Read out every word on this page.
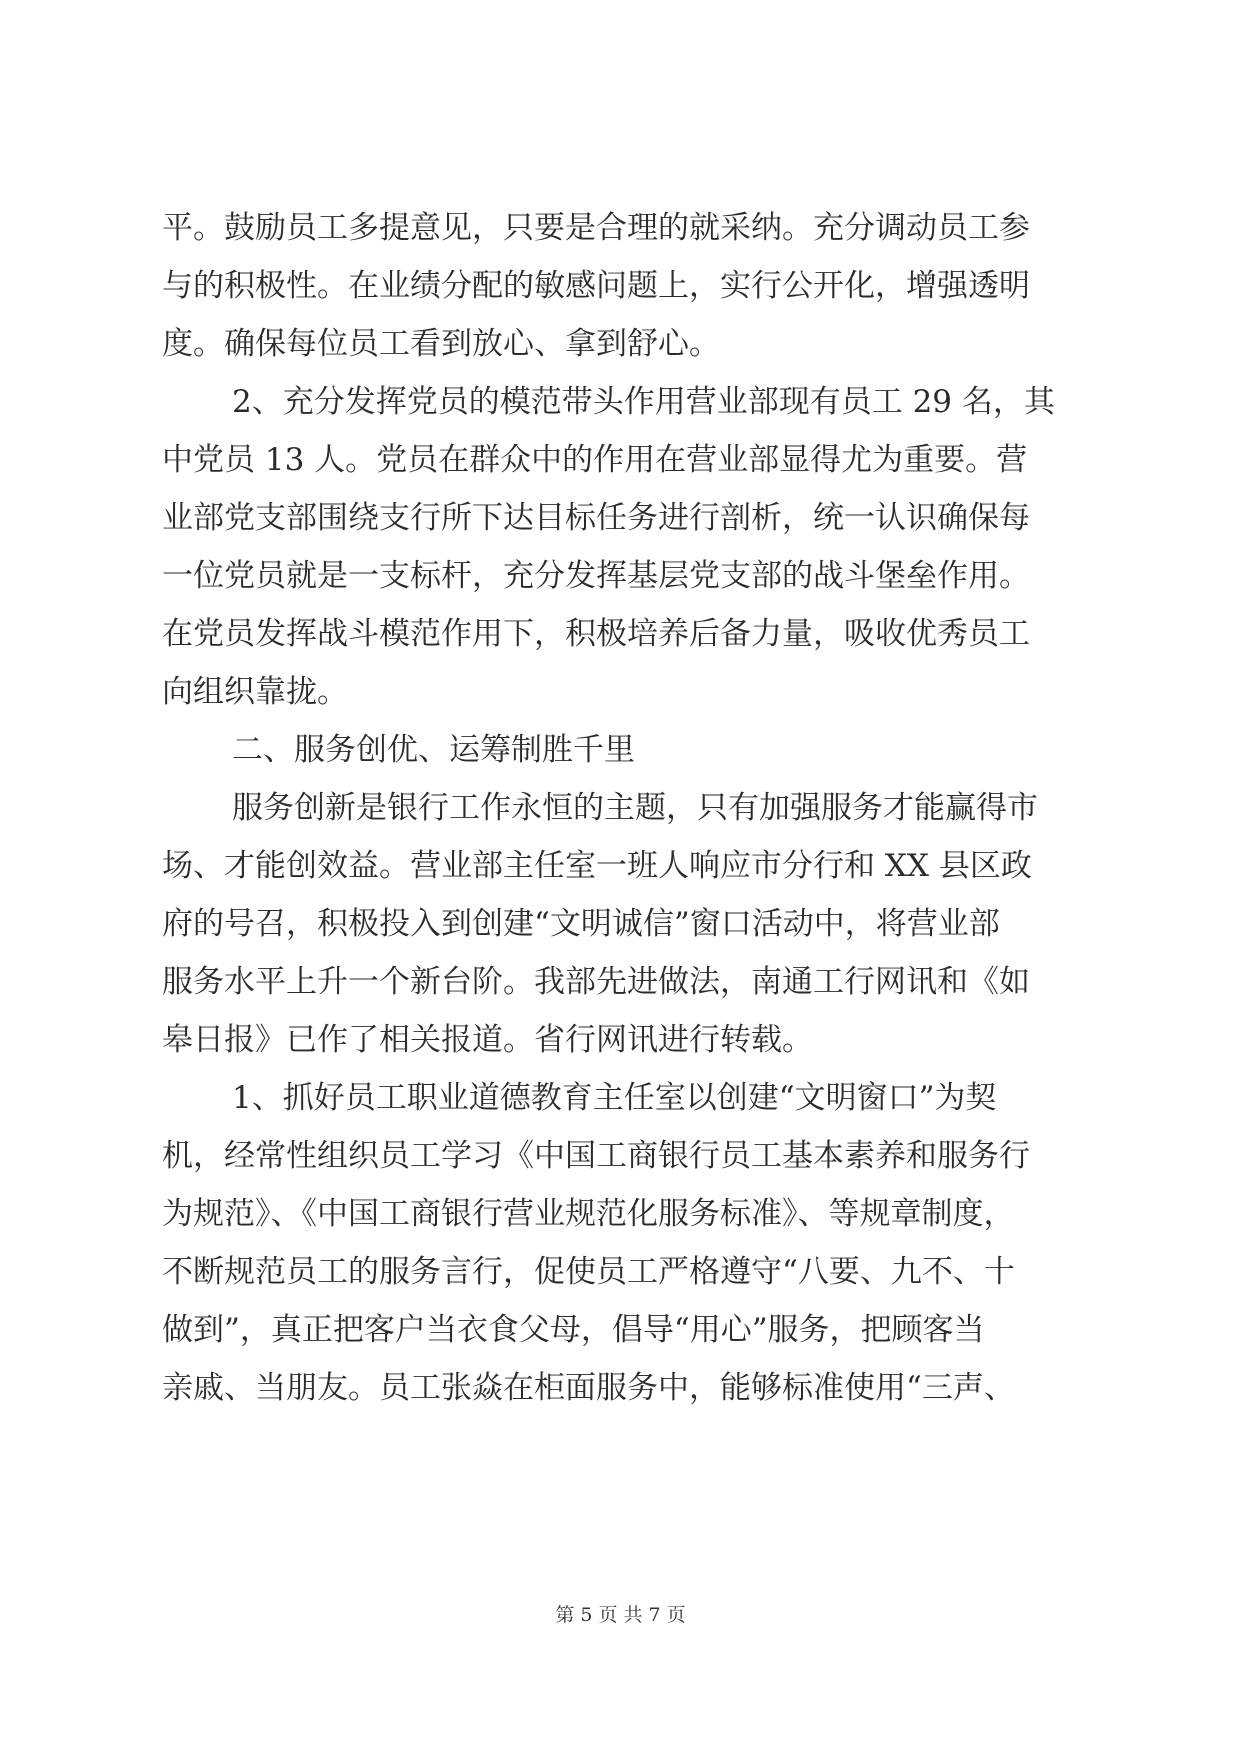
平。鼓励员工多提意见，只要是合理的就采纳。充分调动员工参
与的积极性。在业绩分配的敏感问题上，实行公开化，增强透明
度。确保每位员工看到放心、拿到舒心。
2、充分发挥党员的模范带头作用营业部现有员工 29 名，其
中党员 13 人。党员在群众中的作用在营业部显得尤为重要。营
业部党支部围绕支行所下达目标任务进行剖析，统一认识确保每
一位党员就是一支标杆，充分发挥基层党支部的战斗堡垒作用。
在党员发挥战斗模范作用下，积极培养后备力量，吸收优秀员工
向组织靠拢。
二、服务创优、运筹制胜千里
服务创新是银行工作永恒的主题，只有加强服务才能赢得市
场、才能创效益。营业部主任室一班人响应市分行和 XX 县区政
府的号召，积极投入到创建“文明诚信”窗口活动中，将营业部
服务水平上升一个新台阶。我部先进做法，南通工行网讯和《如
皋日报》已作了相关报道。省行网讯进行转载。
1、抓好员工职业道德教育主任室以创建“文明窗口”为契
机，经常性组织员工学习《中国工商银行员工基本素养和服务行
为规范》、《中国工商银行营业规范化服务标准》、等规章制度，
不断规范员工的服务言行，促使员工严格遵守“八要、九不、十
做到”，真正把客户当衣食父母，倡导“用心”服务，把顾客当
亲戚、当朋友。员工张焱在柜面服务中，能够标准使用“三声、
第 5 页 共 7 页
